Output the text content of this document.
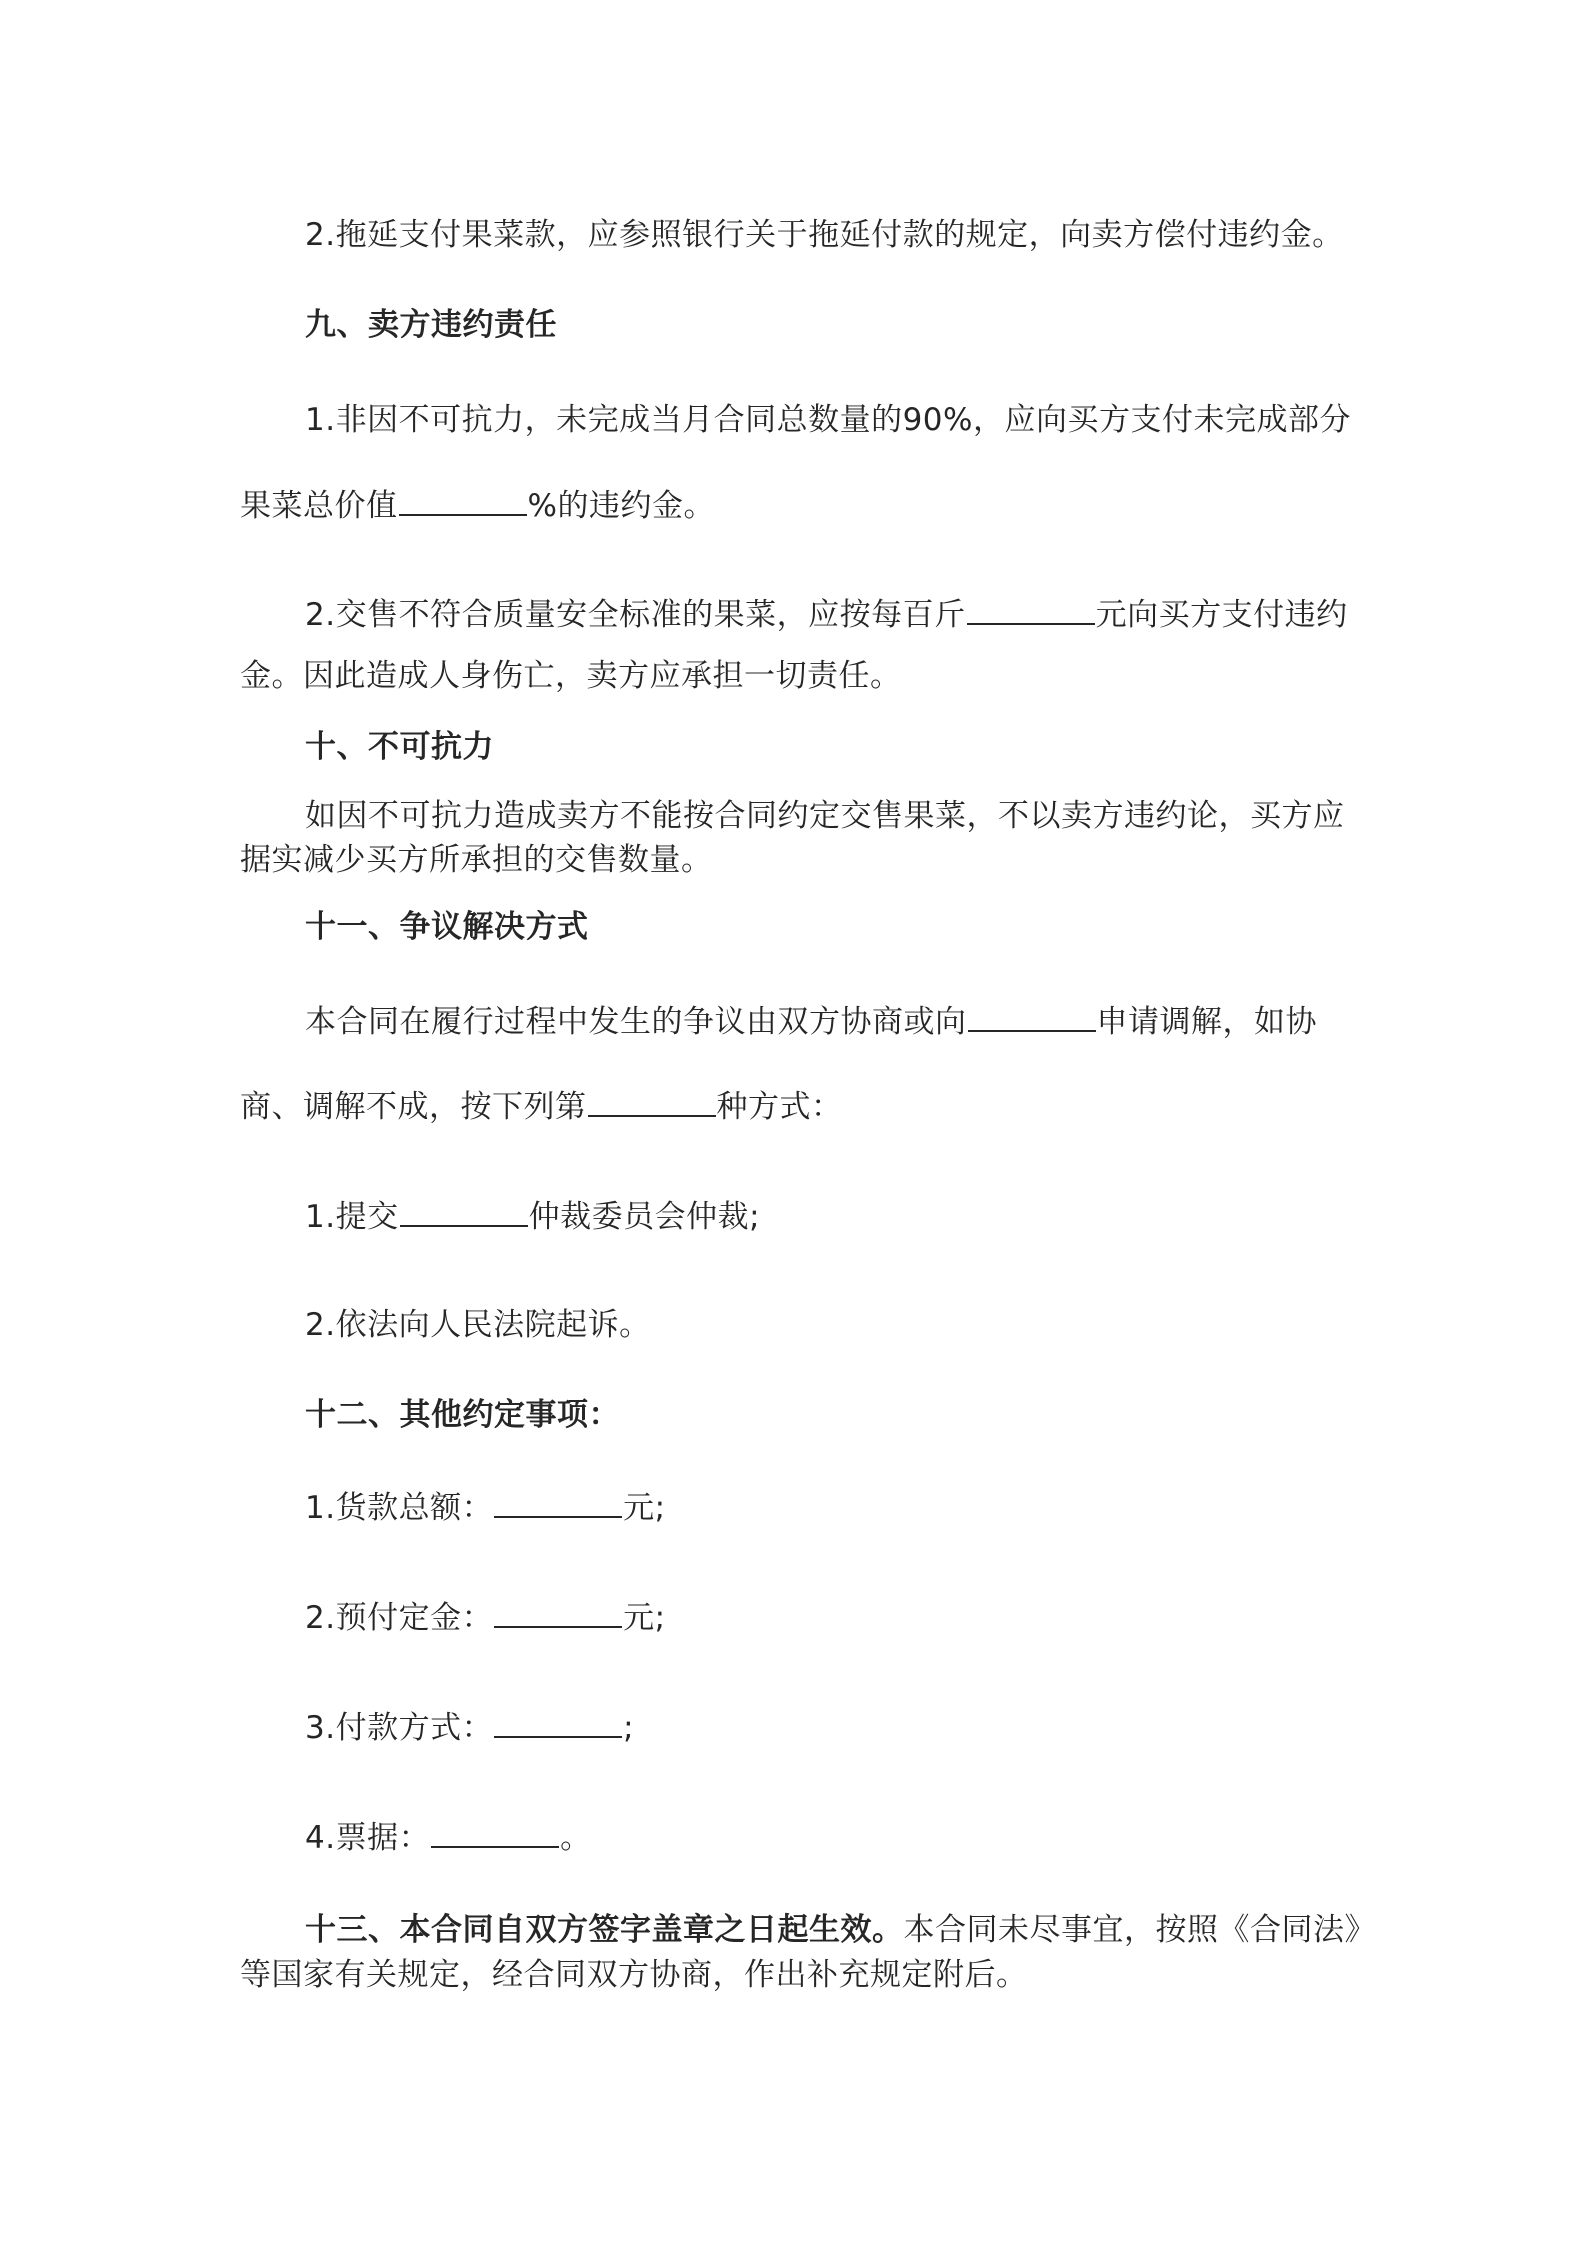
2.拖延支付果菜款，应参照银行关于拖延付款的规定，向卖方偿付违约金。
九、卖方违约责任
1.非因不可抗力，未完成当月合同总数量的90%，应向买方支付未完成部分
果菜总价值	%的违约金。
2.交售不符合质量安全标准的果菜，应按每百斤	元向买方支付违约
金。因此造成人身伤亡，卖方应承担一切责任。
十、不可抗力
如因不可抗力造成卖方不能按合同约定交售果菜，不以卖方违约论，买方应
据实减少买方所承担的交售数量。
十一、争议解决方式
本合同在履行过程中发生的争议由双方协商或向	申请调解，如协
商、调解不成，按下列第	种方式：
1.提交	仲裁委员会仲裁;
2.依法向人民法院起诉。
十二、其他约定事项：
1.货款总额：	元;
2.预付定金：	元;
3.付款方式：	;
4.票据：	。
十三、本合同自双方签字盖章之日起生效。本合同未尽事宜，按照《合同法》
等国家有关规定，经合同双方协商，作出补充规定附后。
